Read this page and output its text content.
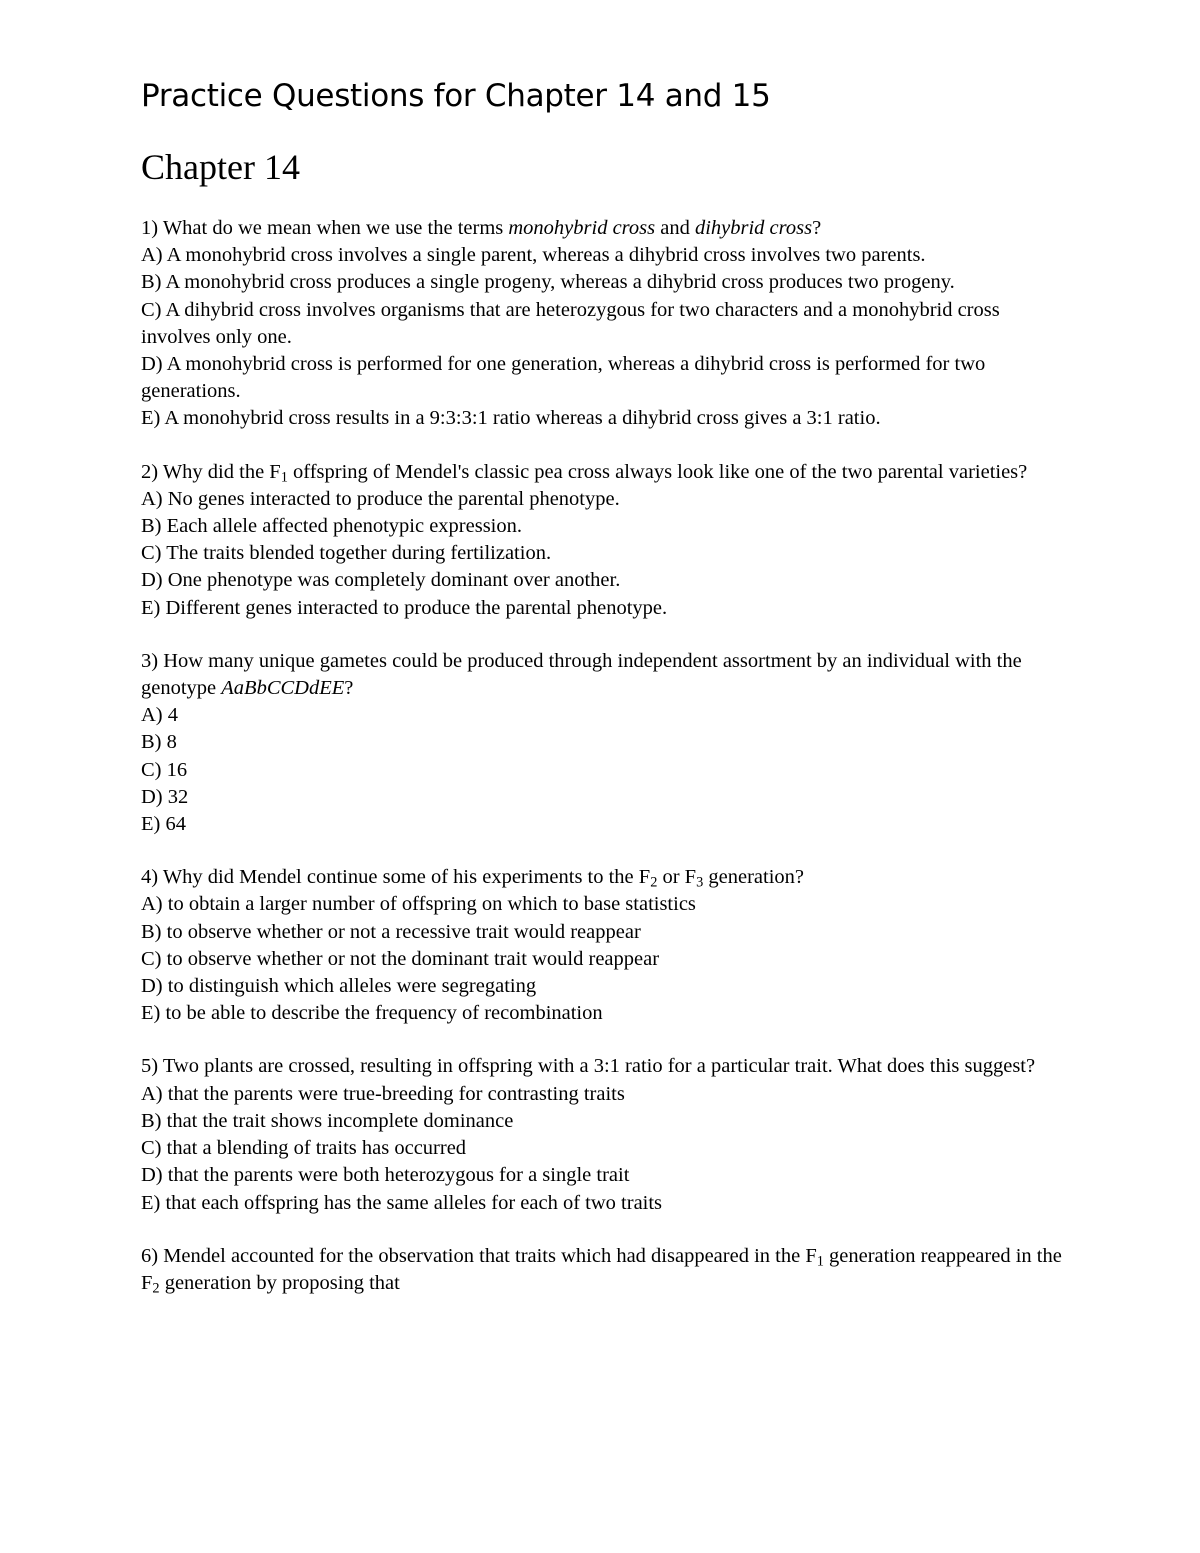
Practice Questions for Chapter 14 and 15
Chapter 14
1) What do we mean when we use the terms monohybrid cross and dihybrid cross?
A) A monohybrid cross involves a single parent, whereas a dihybrid cross involves two parents.
B) A monohybrid cross produces a single progeny, whereas a dihybrid cross produces two progeny.
C) A dihybrid cross involves organisms that are heterozygous for two characters and a monohybrid cross involves only one.
D) A monohybrid cross is performed for one generation, whereas a dihybrid cross is performed for two generations.
E) A monohybrid cross results in a 9:3:3:1 ratio whereas a dihybrid cross gives a 3:1 ratio.
2) Why did the $F_1$ offspring of Mendel's classic pea cross always look like one of the two parental varieties?
A) No genes interacted to produce the parental phenotype.
B) Each allele affected phenotypic expression.
C) The traits blended together during fertilization.
D) One phenotype was completely dominant over another.
E) Different genes interacted to produce the parental phenotype.
3) How many unique gametes could be produced through independent assortment by an individual with the genotype AaBbCCDdEE?
A) 4
B) 8
C) 16
D) 32
E) 64
4) Why did Mendel continue some of his experiments to the $F_2$ or $F_3$ generation?
A) to obtain a larger number of offspring on which to base statistics
B) to observe whether or not a recessive trait would reappear
C) to observe whether or not the dominant trait would reappear
D) to distinguish which alleles were segregating
E) to be able to describe the frequency of recombination
5) Two plants are crossed, resulting in offspring with a 3:1 ratio for a particular trait. What does this suggest?
A) that the parents were true-breeding for contrasting traits
B) that the trait shows incomplete dominance
C) that a blending of traits has occurred
D) that the parents were both heterozygous for a single trait
E) that each offspring has the same alleles for each of two traits
6) Mendel accounted for the observation that traits which had disappeared in the $F_1$ generation reappeared in the $F_2$ generation by proposing that
